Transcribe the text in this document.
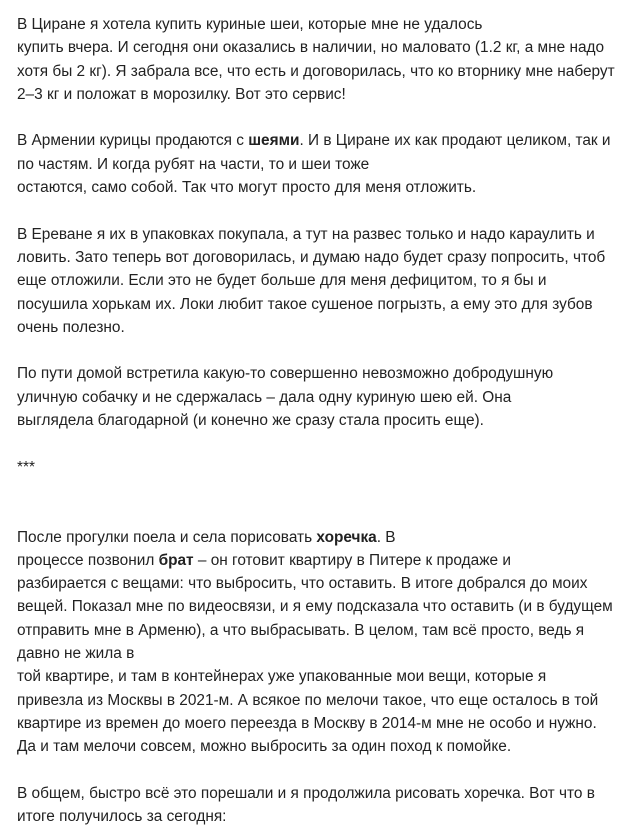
В Циране я хотела купить куриные шеи, которые мне не удалось
купить вчера. И сегодня они оказались в наличии, но маловато (1.2 кг, а мне надо
хотя бы 2 кг). Я забрала все, что есть и договорилась, что ко вторнику мне наберут
2–3 кг и положат в морозилку. Вот это сервис!

В Армении курицы продаются с шеями. И в Циране их как продают целиком, так и
по частям. И когда рубят на части, то и шеи тоже
остаются, само собой. Так что могут просто для меня отложить.

В Ереване я их в упаковках покупала, а тут на развес только и надо караулить и
ловить. Зато теперь вот договорилась, и думаю надо будет сразу попросить, чтоб
еще отложили. Если это не будет больше для меня дефицитом, то я бы и
посушила хорькам их. Локи любит такое сушеное погрызть, а ему это для зубов
очень полезно.

По пути домой встретила какую-то совершенно невозможно добродушную
уличную собачку и не сдержалась – дала одну куриную шею ей. Она
выглядела благодарной (и конечно же сразу стала просить еще).

***

После прогулки поела и села порисовать хоречка. В
процессе позвонил брат – он готовит квартиру в Питере к продаже и
разбирается с вещами: что выбросить, что оставить. В итоге добрался до моих
вещей. Показал мне по видеосвязи, и я ему подсказала что оставить (и в будущем
отправить мне в Арменю), а что выбрасывать. В целом, там всё просто, ведь я
давно не жила в
той квартире, и там в контейнерах уже упакованные мои вещи, которые я
привезла из Москвы в 2021-м. А всякое по мелочи такое, что еще осталось в той
квартире из времен до моего переезда в Москву в 2014-м мне не особо и нужно.
Да и там мелочи совсем, можно выбросить за один поход к помойке.

В общем, быстро всё это порешали и я продолжила рисовать хоречка. Вот что в
итоге получилось за сегодня:
